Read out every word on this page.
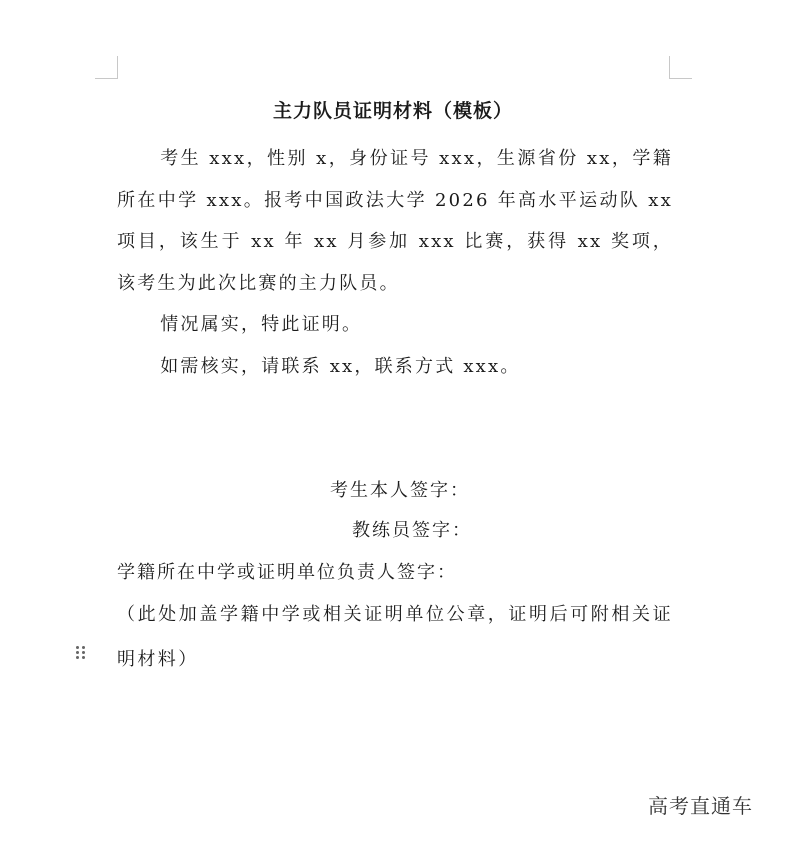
主力队员证明材料（模板）

考生 xxx，性别 x，身份证号 xxx，生源省份 xx，学籍所在中学 xxx。报考中国政法大学 2026 年高水平运动队 xx 项目，该生于 xx 年 xx 月参加 xxx 比赛，获得 xx 奖项，该考生为此次比赛的主力队员。

情况属实，特此证明。

如需核实，请联系 xx，联系方式 xxx。

考生本人签字：
教练员签字：
学籍所在中学或证明单位负责人签字：
（此处加盖学籍中学或相关证明单位公章，证明后可附相关证明材料）
高考直通车
